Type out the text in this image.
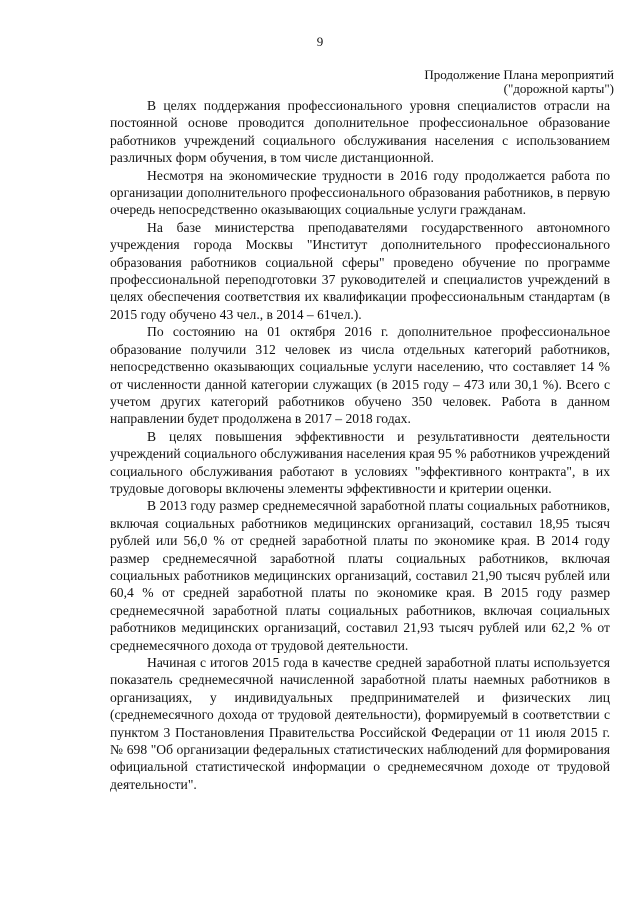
9
Продолжение Плана мероприятий
("дорожной карты")

В целях поддержания профессионального уровня специалистов отрасли на постоянной основе проводится дополнительное профессиональное образование работников учреждений социального обслуживания населения с использованием различных форм обучения, в том числе дистанционной.

Несмотря на экономические трудности в 2016 году продолжается работа по организации дополнительного профессионального образования работников, в первую очередь непосредственно оказывающих социальные услуги гражданам.

На базе министерства преподавателями государственного автономного учреждения города Москвы "Институт дополнительного профессионального образования работников социальной сферы" проведено обучение по программе профессиональной переподготовки 37 руководителей и специалистов учреждений в целях обеспечения соответствия их квалификации профессиональным стандартам (в 2015 году обучено 43 чел., в 2014 – 61чел.).

По состоянию на 01 октября 2016 г. дополнительное профессиональное образование получили 312 человек из числа отдельных категорий работников, непосредственно оказывающих социальные услуги населению, что составляет 14 % от численности данной категории служащих (в 2015 году – 473 или 30,1 %). Всего с учетом других категорий работников обучено 350 человек. Работа в данном направлении будет продолжена в 2017 – 2018 годах.

В целях повышения эффективности и результативности деятельности учреждений социального обслуживания населения края 95 % работников учреждений социального обслуживания работают в условиях "эффективного контракта", в их трудовые договоры включены элементы эффективности и критерии оценки.

В 2013 году размер среднемесячной заработной платы социальных работников, включая социальных работников медицинских организаций, составил 18,95 тысяч рублей или 56,0 % от средней заработной платы по экономике края. В 2014 году размер среднемесячной заработной платы социальных работников, включая социальных работников медицинских организаций, составил 21,90 тысяч рублей или 60,4 % от средней заработной платы по экономике края. В 2015 году размер среднемесячной заработной платы социальных работников, включая социальных работников медицинских организаций, составил 21,93 тысяч рублей или 62,2 % от среднемесячного дохода от трудовой деятельности.

Начиная с итогов 2015 года в качестве средней заработной платы используется показатель среднемесячной начисленной заработной платы наемных работников в организациях, у индивидуальных предпринимателей и физических лиц (среднемесячного дохода от трудовой деятельности), формируемый в соответствии с пунктом 3 Постановления Правительства Российской Федерации от 11 июля 2015 г. № 698 "Об организации федеральных статистических наблюдений для формирования официальной статистической информации о среднемесячном доходе от трудовой деятельности".
